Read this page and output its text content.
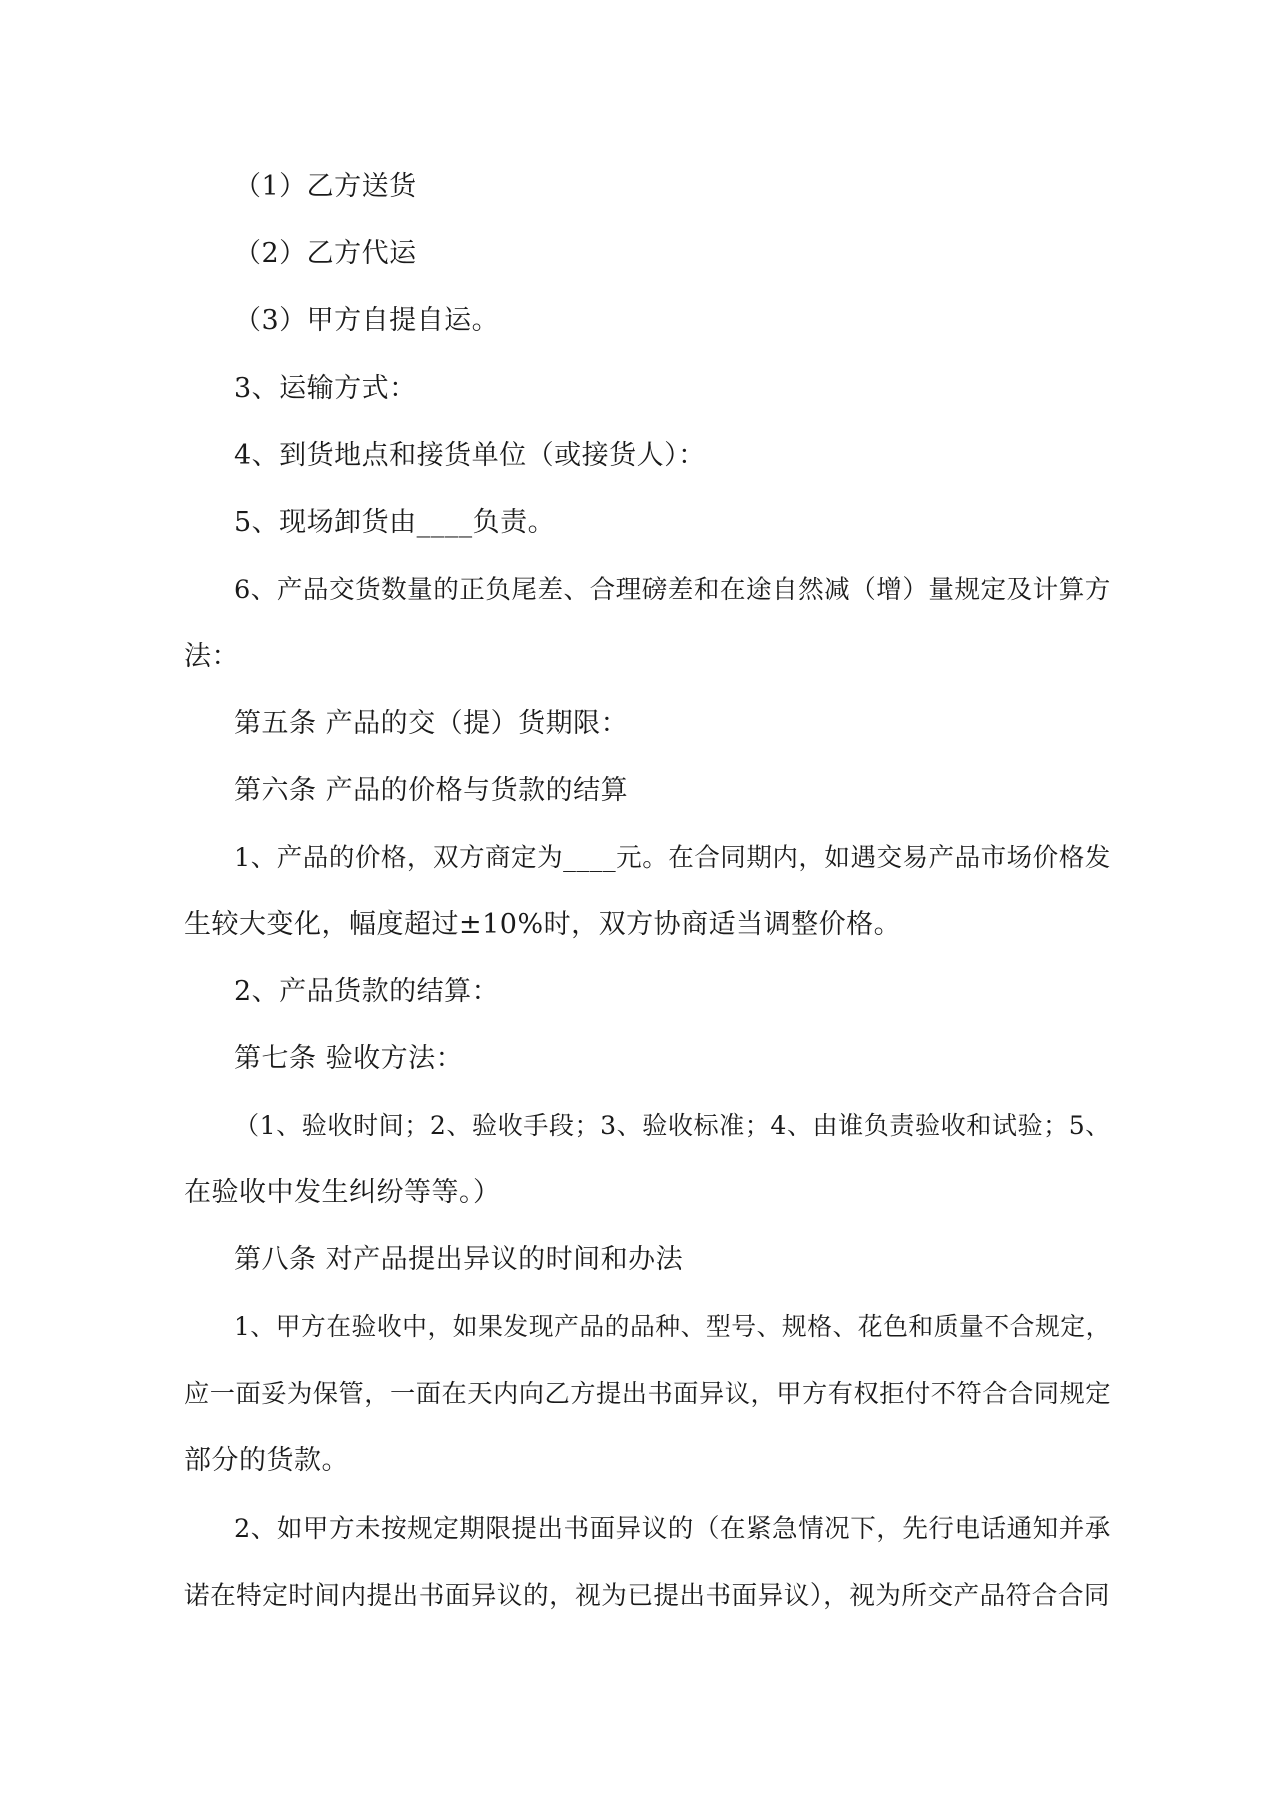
（1）乙方送货
（2）乙方代运
（3）甲方自提自运。
3、运输方式：
4、到货地点和接货单位（或接货人）：
5、现场卸货由____负责。
6、产品交货数量的正负尾差、合理磅差和在途自然减（增）量规定及计算方
法：
第五条 产品的交（提）货期限：
第六条 产品的价格与货款的结算
1、产品的价格，双方商定为____元。在合同期内，如遇交易产品市场价格发
生较大变化，幅度超过±10%时，双方协商适当调整价格。
2、产品货款的结算：
第七条 验收方法：
（1、验收时间；2、验收手段；3、验收标准；4、由谁负责验收和试验；5、
在验收中发生纠纷等等。）
第八条 对产品提出异议的时间和办法
1、甲方在验收中，如果发现产品的品种、型号、规格、花色和质量不合规定，
应一面妥为保管，一面在天内向乙方提出书面异议，甲方有权拒付不符合合同规定
部分的货款。
2、如甲方未按规定期限提出书面异议的（在紧急情况下，先行电话通知并承
诺在特定时间内提出书面异议的，视为已提出书面异议），视为所交产品符合合同
